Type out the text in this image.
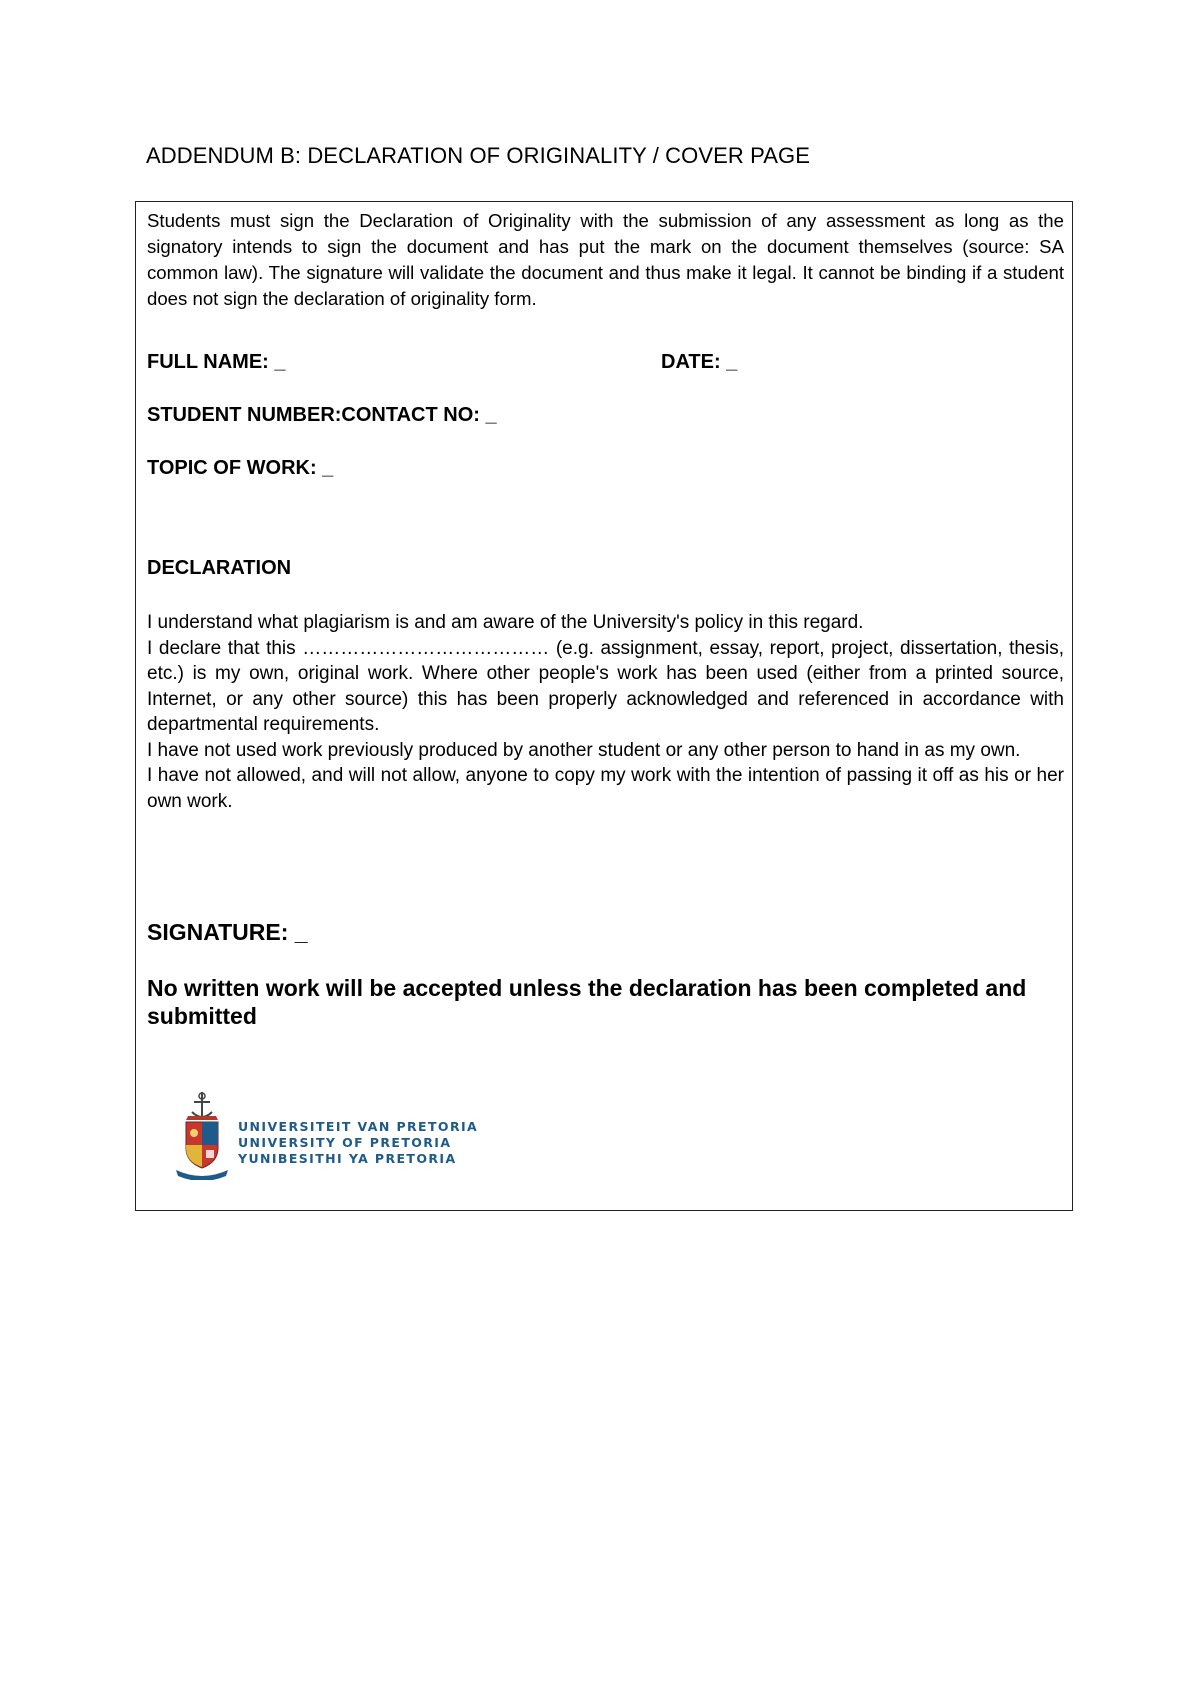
ADDENDUM B: DECLARATION OF ORIGINALITY / COVER PAGE

Students must sign the Declaration of Originality with the submission of any assessment as long as the signatory intends to sign the document and has put the mark on the document themselves (source: SA common law). The signature will validate the document and thus make it legal. It cannot be binding if a student does not sign the declaration of originality form.

FULL NAME: _	DATE: _

STUDENT NUMBER:CONTACT NO: _

TOPIC OF WORK: _

DECLARATION

I understand what plagiarism is and am aware of the University's policy in this regard.

I declare that this ………………………………… (e.g. assignment, essay, report, project, dissertation, thesis, etc.) is my own, original work. Where other people's work has been used (either from a printed source, Internet, or any other source) this has been properly acknowledged and referenced in accordance with departmental requirements.

I have not used work previously produced by another student or any other person to hand in as my own.

I have not allowed, and will not allow, anyone to copy my work with the intention of passing it off as his or her own work.

SIGNATURE: _

No written work will be accepted unless the declaration has been completed and submitted

UNIVERSITEIT VAN PRETORIA
UNIVERSITY OF PRETORIA
YUNIBESITHI YA PRETORIA
